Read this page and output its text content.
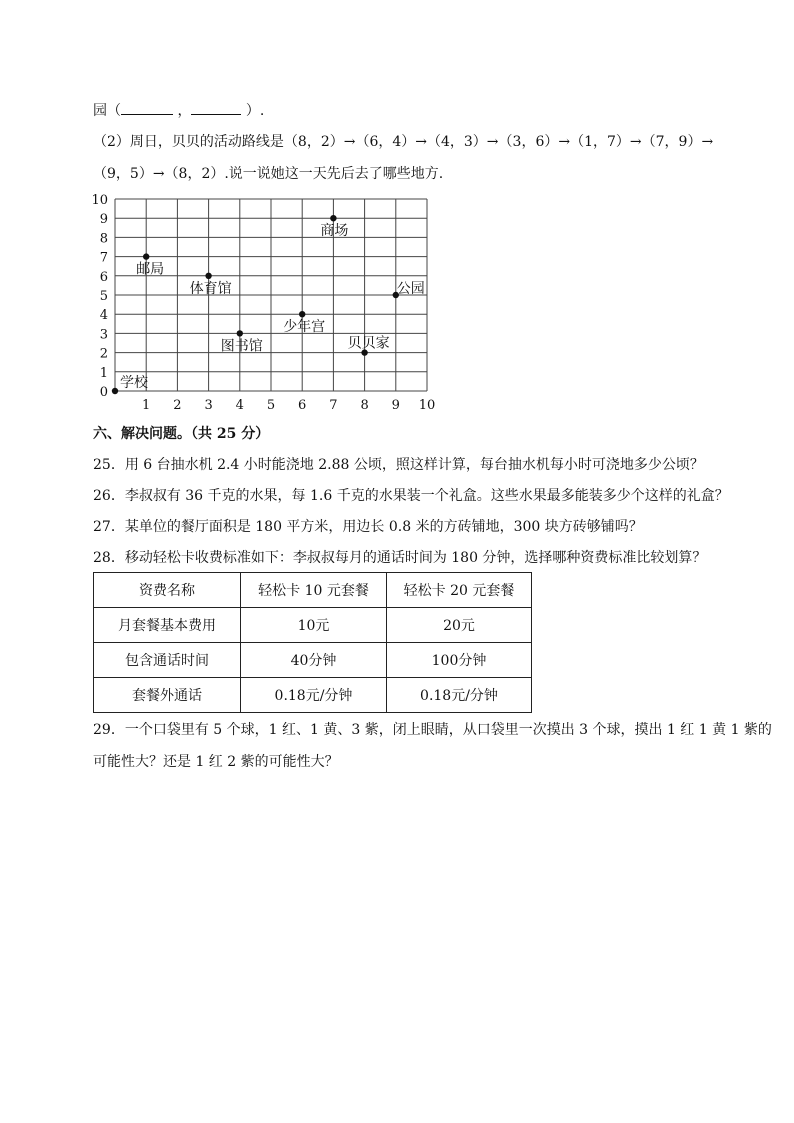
园（	，	）.
（2）周日，贝贝的活动路线是（8，2）→（6，4）→（4，3）→（3，6）→（1，7）→（7，9）→
（9，5）→（8，2）.说一说她这一天先后去了哪些地方.
1 2 3 4 5 6 7 8 9 10
0
1
2
3
4
5
6
7
8
9
10
学校
邮局
体育馆
图书馆
少年宫
商场
贝贝家
公园
六、解决问题。（共 25 分）
25．用 6 台抽水机 2.4 小时能浇地 2.88 公顷，照这样计算，每台抽水机每小时可浇地多少公顷？
26．李叔叔有 36 千克的水果，每 1.6 千克的水果装一个礼盒。这些水果最多能装多少个这样的礼盒？
27．某单位的餐厅面积是 180 平方米，用边长 0.8 米的方砖铺地，300 块方砖够铺吗？
28．移动轻松卡收费标准如下：李叔叔每月的通话时间为 180 分钟，选择哪种资费标准比较划算？
资费名称	轻松卡 10 元套餐	轻松卡 20 元套餐
月套餐基本费用	10元	20元
包含通话时间	40分钟	100分钟
套餐外通话	0.18元/分钟	0.18元/分钟
29．一个口袋里有 5 个球，1 红、1 黄、3 紫，闭上眼睛，从口袋里一次摸出 3 个球，摸出 1 红 1 黄 1 紫的
可能性大？还是 1 红 2 紫的可能性大？
